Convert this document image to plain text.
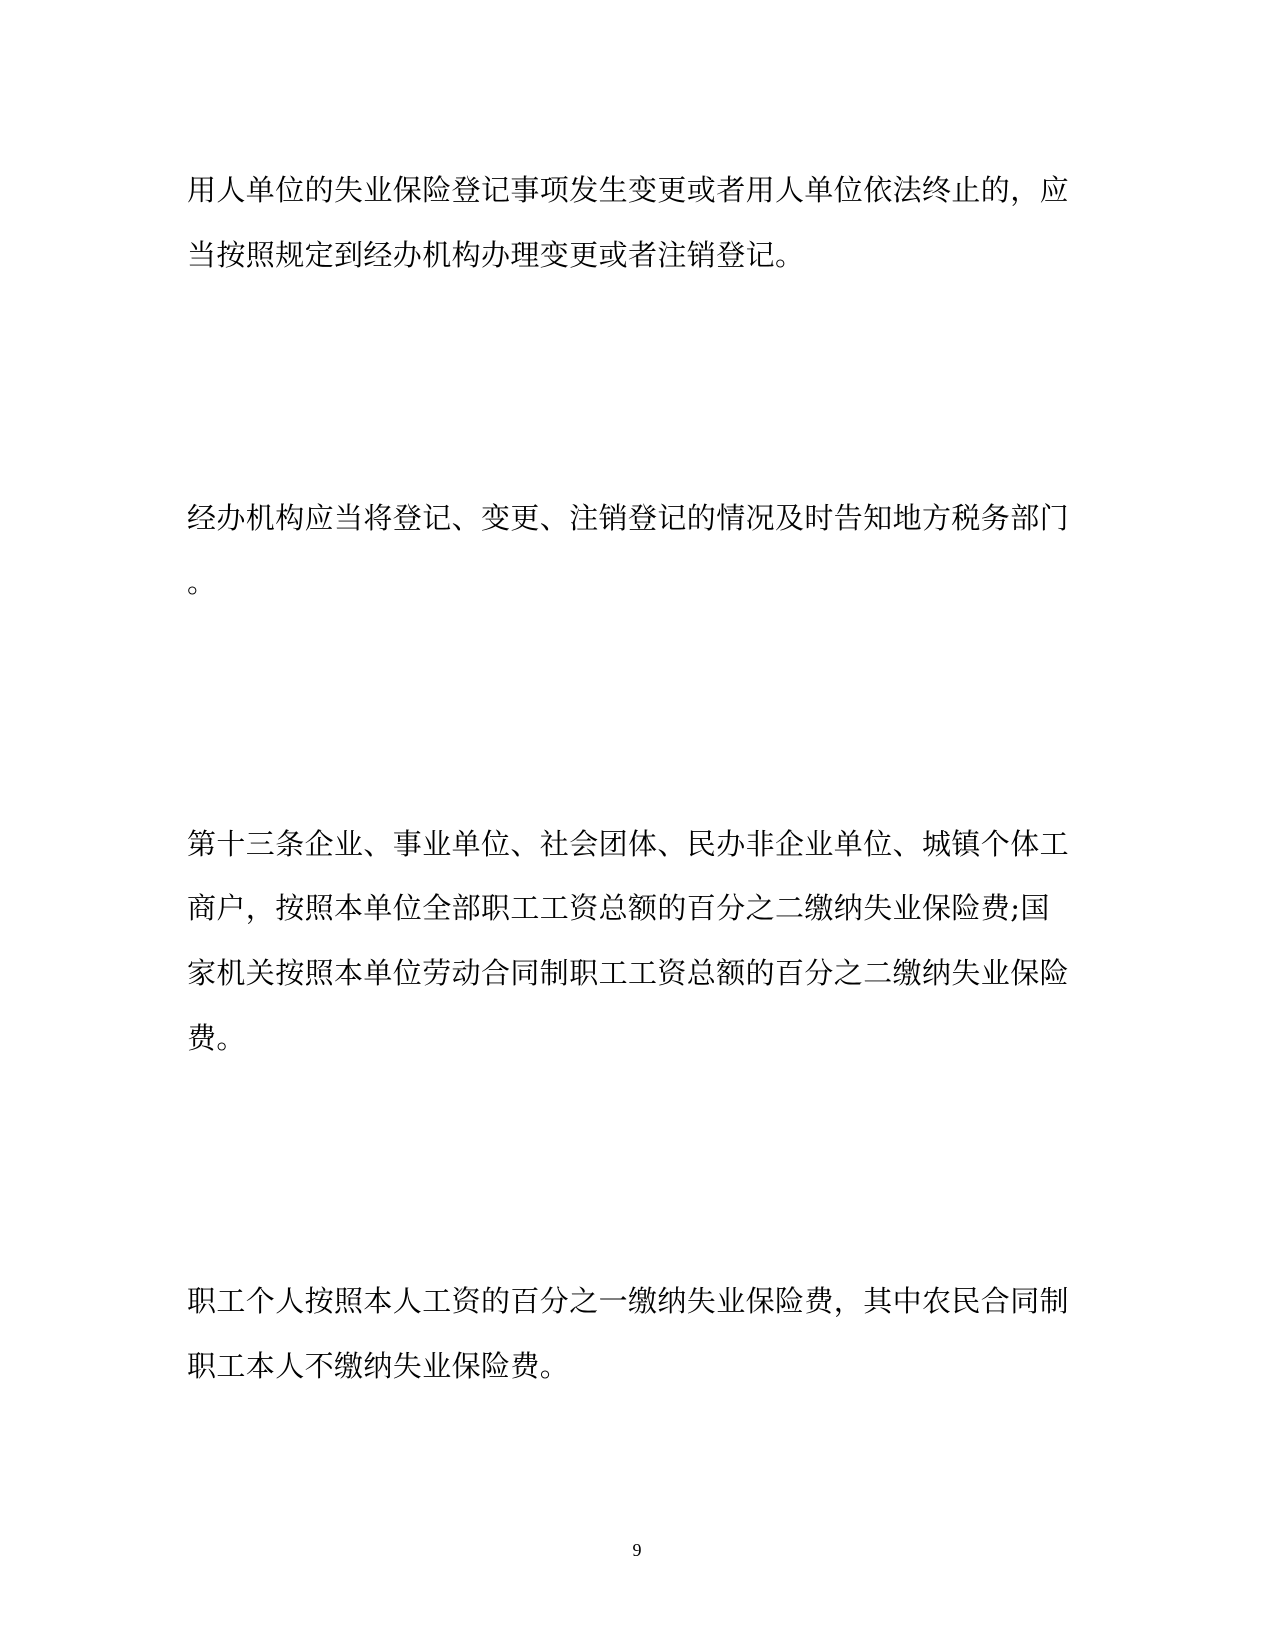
用人单位的失业保险登记事项发生变更或者用人单位依法终止的，应
当按照规定到经办机构办理变更或者注销登记。
经办机构应当将登记、变更、注销登记的情况及时告知地方税务部门
。
第十三条企业、事业单位、社会团体、民办非企业单位、城镇个体工
商户，按照本单位全部职工工资总额的百分之二缴纳失业保险费;国
家机关按照本单位劳动合同制职工工资总额的百分之二缴纳失业保险
费。
职工个人按照本人工资的百分之一缴纳失业保险费，其中农民合同制
职工本人不缴纳失业保险费。
9
